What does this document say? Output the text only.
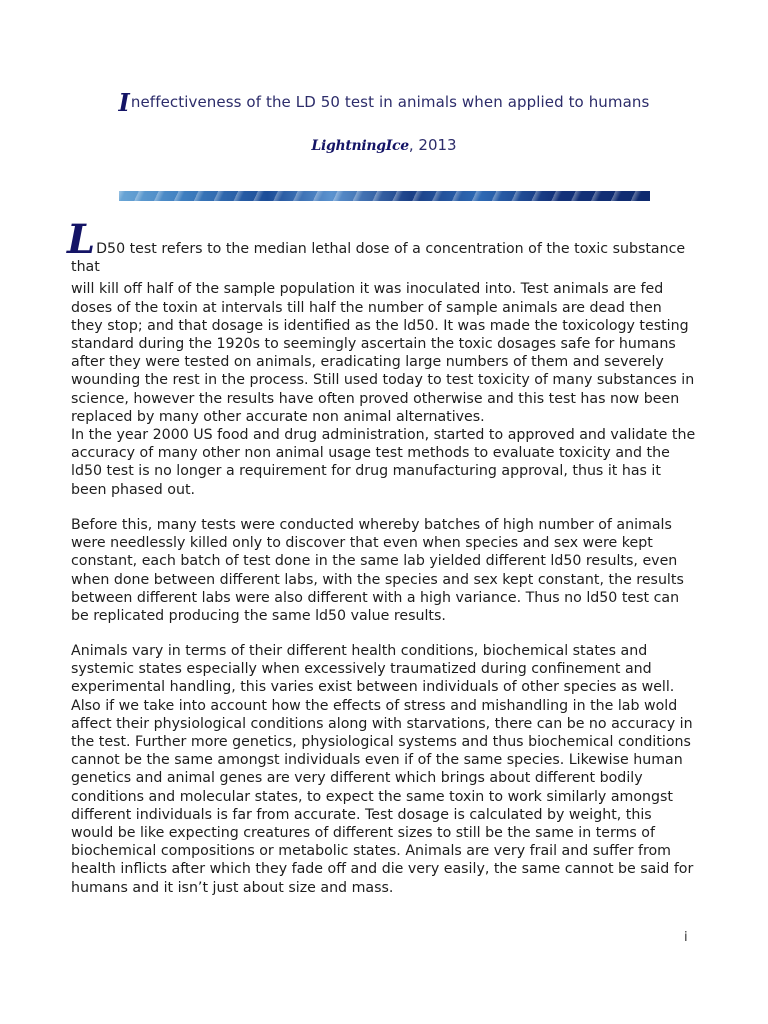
Ineffectiveness of the LD 50 test in animals when applied to humans
LightningIce, 2013
L D50 test refers to the median lethal dose of a concentration of the toxic substance that

will kill off half of the sample population it was inoculated into. Test animals are fed doses of the toxin at intervals till half the number of sample animals are dead then they stop; and that dosage is identified as the ld50. It was made the toxicology testing standard during the 1920s to seemingly ascertain the toxic dosages safe for humans after they were tested on animals, eradicating large numbers of them and severely wounding the rest in the process. Still used today to test toxicity of many substances in science, however the results have often proved otherwise and this test has now been replaced by many other accurate non animal alternatives.

In the year 2000 US food and drug administration, started to approved and validate the accuracy of many other non animal usage test methods to evaluate toxicity and the ld50 test is no longer a requirement for drug manufacturing approval, thus it has it been phased out.

Before this, many tests were conducted whereby batches of high number of animals were needlessly killed only to discover that even when species and sex were kept constant, each batch of test done in the same lab yielded different ld50 results, even when done between different labs, with the species and sex kept constant, the results between different labs were also different with a high variance. Thus no ld50 test can be replicated producing the same ld50 value results.

Animals vary in terms of their different health conditions, biochemical states and systemic states especially when excessively traumatized during confinement and experimental handling, this varies exist between individuals of other species as well. Also if we take into account how the effects of stress and mishandling in the lab wold affect their physiological conditions along with starvations, there can be no accuracy in the test. Further more genetics, physiological systems and thus biochemical conditions cannot be the same amongst individuals even if of the same species. Likewise human genetics and animal genes are very different which brings about different bodily conditions and molecular states, to expect the same toxin to work similarly amongst different individuals is far from accurate. Test dosage is calculated by weight, this would be like expecting creatures of different sizes to still be the same in terms of biochemical compositions or metabolic states. Animals are very frail and suffer from health inflicts after which they fade off and die very easily, the same cannot be said for humans and it isn’t just about size and mass.

i
